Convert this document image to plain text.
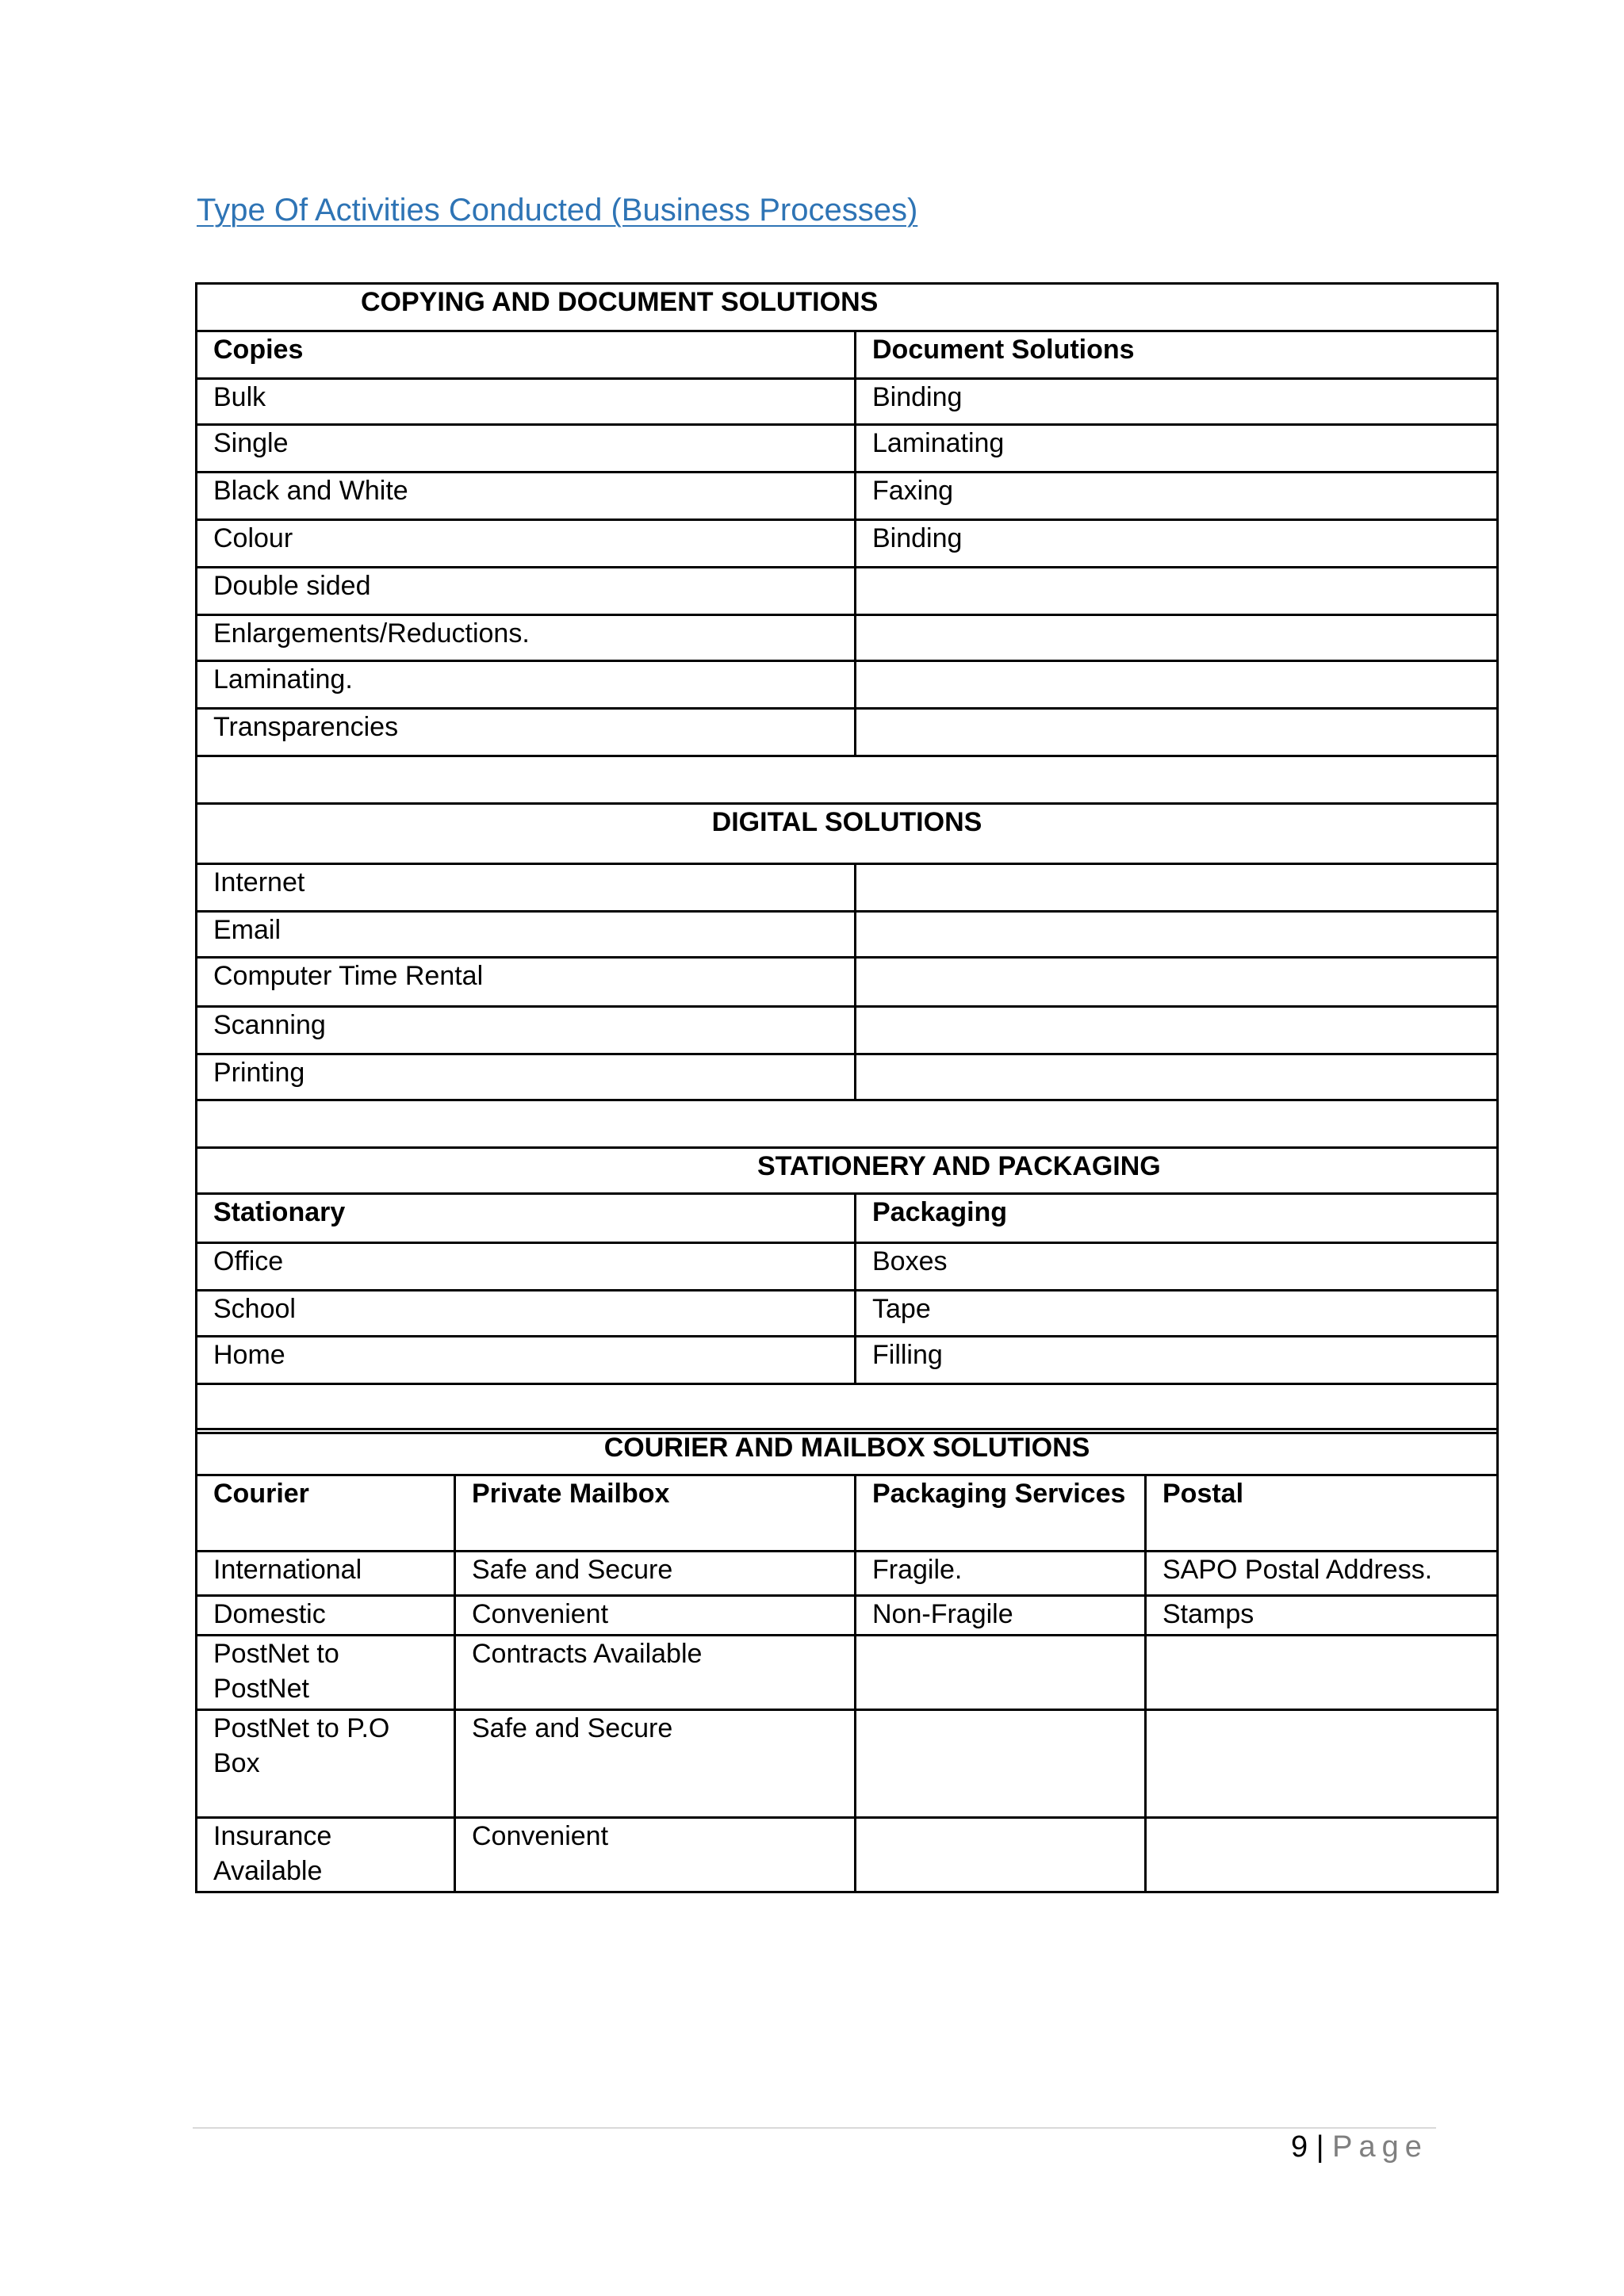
Type Of Activities Conducted (Business Processes)
COPYING AND DOCUMENT SOLUTIONS	
Copies	Document Solutions
Bulk	Binding
Single	Laminating
Black and White	Faxing
Colour	Binding
Double sided	
Enlargements/Reductions.	
Laminating.	
Transparencies	

DIGITAL SOLUTIONS	
Internet	
Email	
Computer Time Rental	
Scanning	
Printing	

STATIONERY AND PACKAGING	
Stationary	Packaging
Office	Boxes
School	Tape
Home	Filling

COURIER AND MAILBOX SOLUTIONS			
Courier	Private Mailbox	Packaging Services	Postal
International	Safe and Secure	Fragile.	SAPO Postal Address.
Domestic	Convenient	Non-Fragile	Stamps
PostNet to PostNet	Contracts Available		
PostNet to P.O Box	Safe and Secure		
Insurance Available	Convenient		
9 | Page
